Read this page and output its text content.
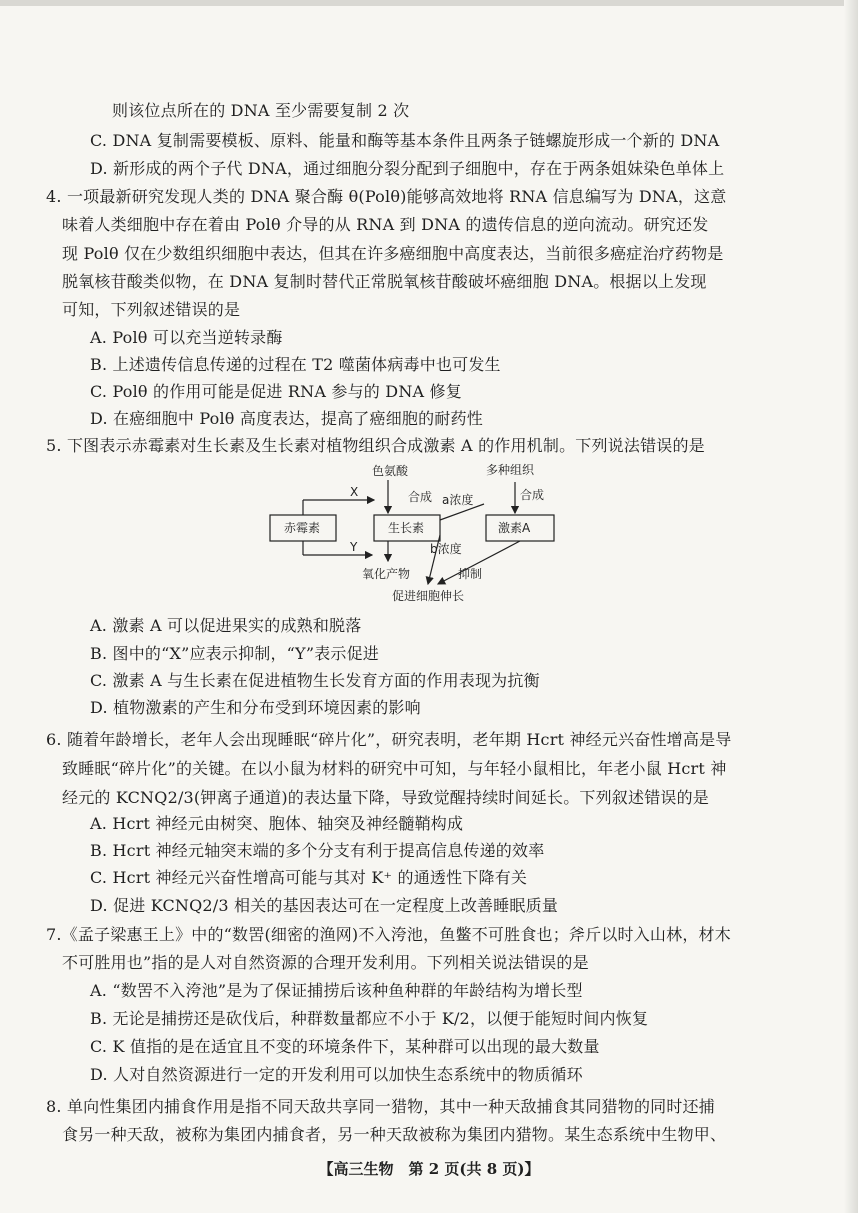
则该位点所在的 DNA 至少需要复制 2 次
C. DNA 复制需要模板、原料、能量和酶等基本条件且两条子链螺旋形成一个新的 DNA
D. 新形成的两个子代 DNA，通过细胞分裂分配到子细胞中，存在于两条姐妹染色单体上
4. 一项最新研究发现人类的 DNA 聚合酶 θ(Polθ)能够高效地将 RNA 信息编写为 DNA，这意
味着人类细胞中存在着由 Polθ 介导的从 RNA 到 DNA 的遗传信息的逆向流动。研究还发
现 Polθ 仅在少数组织细胞中表达，但其在许多癌细胞中高度表达，当前很多癌症治疗药物是
脱氧核苷酸类似物，在 DNA 复制时替代正常脱氧核苷酸破坏癌细胞 DNA。根据以上发现
可知，下列叙述错误的是
A. Polθ 可以充当逆转录酶
B. 上述遗传信息传递的过程在 T2 噬菌体病毒中也可发生
C. Polθ 的作用可能是促进 RNA 参与的 DNA 修复
D. 在癌细胞中 Polθ 高度表达，提高了癌细胞的耐药性
5. 下图表示赤霉素对生长素及生长素对植物组织合成激素 A 的作用机制。下列说法错误的是
赤霉素	生长素	激素A
色氨酸
合成
多种组织
合成
X
Y
a浓度
b浓度
氧化产物	抑制
促进细胞伸长
A. 激素 A 可以促进果实的成熟和脱落
B. 图中的“X”应表示抑制，“Y”表示促进
C. 激素 A 与生长素在促进植物生长发育方面的作用表现为抗衡
D. 植物激素的产生和分布受到环境因素的影响
6. 随着年龄增长，老年人会出现睡眠“碎片化”，研究表明，老年期 Hcrt 神经元兴奋性增高是导
致睡眠“碎片化”的关键。在以小鼠为材料的研究中可知，与年轻小鼠相比，年老小鼠 Hcrt 神
经元的 KCNQ2/3(钾离子通道)的表达量下降，导致觉醒持续时间延长。下列叙述错误的是
A. Hcrt 神经元由树突、胞体、轴突及神经髓鞘构成
B. Hcrt 神经元轴突末端的多个分支有利于提高信息传递的效率
C. Hcrt 神经元兴奋性增高可能与其对 K⁺ 的通透性下降有关
D. 促进 KCNQ2/3 相关的基因表达可在一定程度上改善睡眠质量
7.《孟子梁惠王上》中的“数罟(细密的渔网)不入洿池，鱼鳖不可胜食也；斧斤以时入山林，材木
不可胜用也”指的是人对自然资源的合理开发利用。下列相关说法错误的是
A. “数罟不入洿池”是为了保证捕捞后该种鱼种群的年龄结构为增长型
B. 无论是捕捞还是砍伐后，种群数量都应不小于 K/2，以便于能短时间内恢复
C. K 值指的是在适宜且不变的环境条件下，某种群可以出现的最大数量
D. 人对自然资源进行一定的开发利用可以加快生态系统中的物质循环
8. 单向性集团内捕食作用是指不同天敌共享同一猎物，其中一种天敌捕食其同猎物的同时还捕
食另一种天敌，被称为集团内捕食者，另一种天敌被称为集团内猎物。某生态系统中生物甲、
【高三生物　第 2 页(共 8 页)】
